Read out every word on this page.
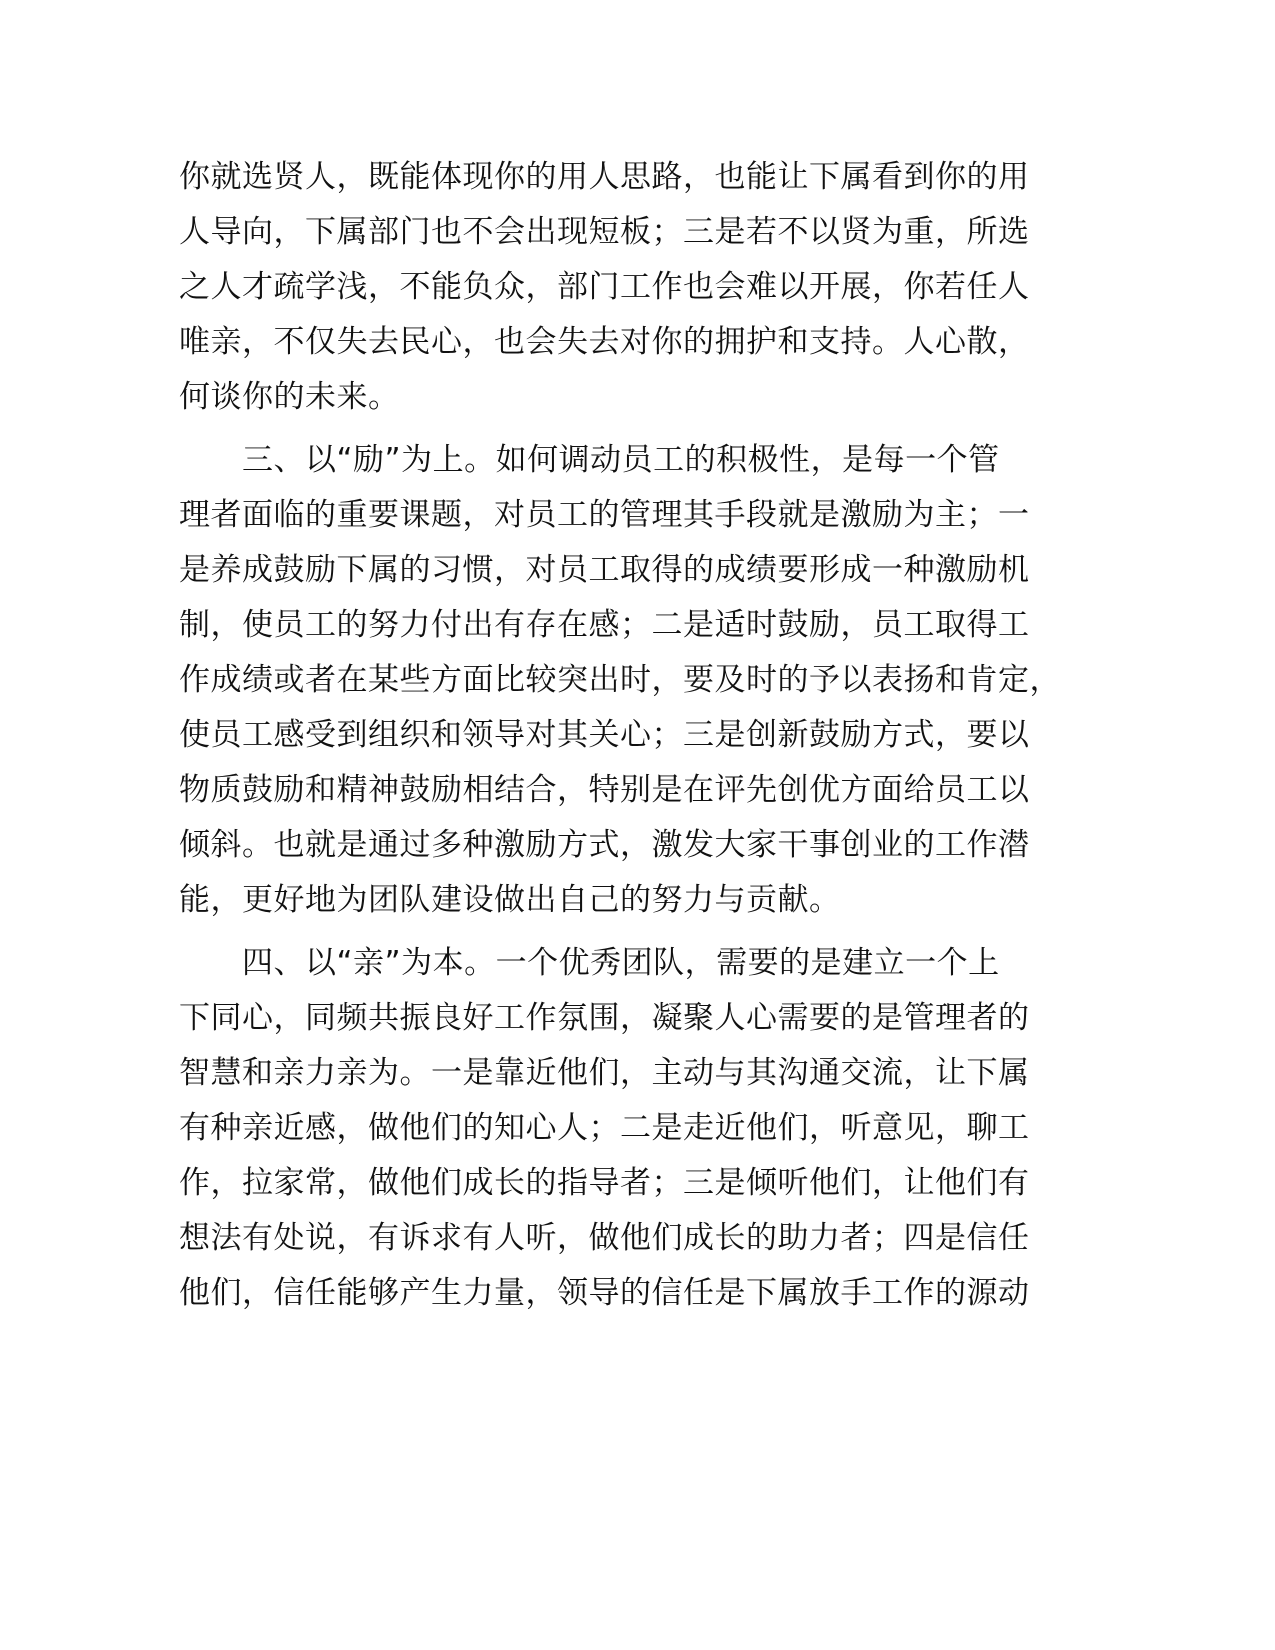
你就选贤人，既能体现你的用人思路，也能让下属看到你的用
人导向，下属部门也不会出现短板；三是若不以贤为重，所选
之人才疏学浅，不能负众，部门工作也会难以开展，你若任人
唯亲，不仅失去民心，也会失去对你的拥护和支持。人心散，
何谈你的未来。

　　三、以“励”为上。如何调动员工的积极性，是每一个管
理者面临的重要课题，对员工的管理其手段就是激励为主；一
是养成鼓励下属的习惯，对员工取得的成绩要形成一种激励机
制，使员工的努力付出有存在感；二是适时鼓励，员工取得工
作成绩或者在某些方面比较突出时，要及时的予以表扬和肯定，
使员工感受到组织和领导对其关心；三是创新鼓励方式，要以
物质鼓励和精神鼓励相结合，特别是在评先创优方面给员工以
倾斜。也就是通过多种激励方式，激发大家干事创业的工作潜
能，更好地为团队建设做出自己的努力与贡献。

　　四、以“亲”为本。一个优秀团队，需要的是建立一个上
下同心，同频共振良好工作氛围，凝聚人心需要的是管理者的
智慧和亲力亲为。一是靠近他们，主动与其沟通交流，让下属
有种亲近感，做他们的知心人；二是走近他们，听意见，聊工
作，拉家常，做他们成长的指导者；三是倾听他们，让他们有
想法有处说，有诉求有人听，做他们成长的助力者；四是信任
他们，信任能够产生力量，领导的信任是下属放手工作的源动
